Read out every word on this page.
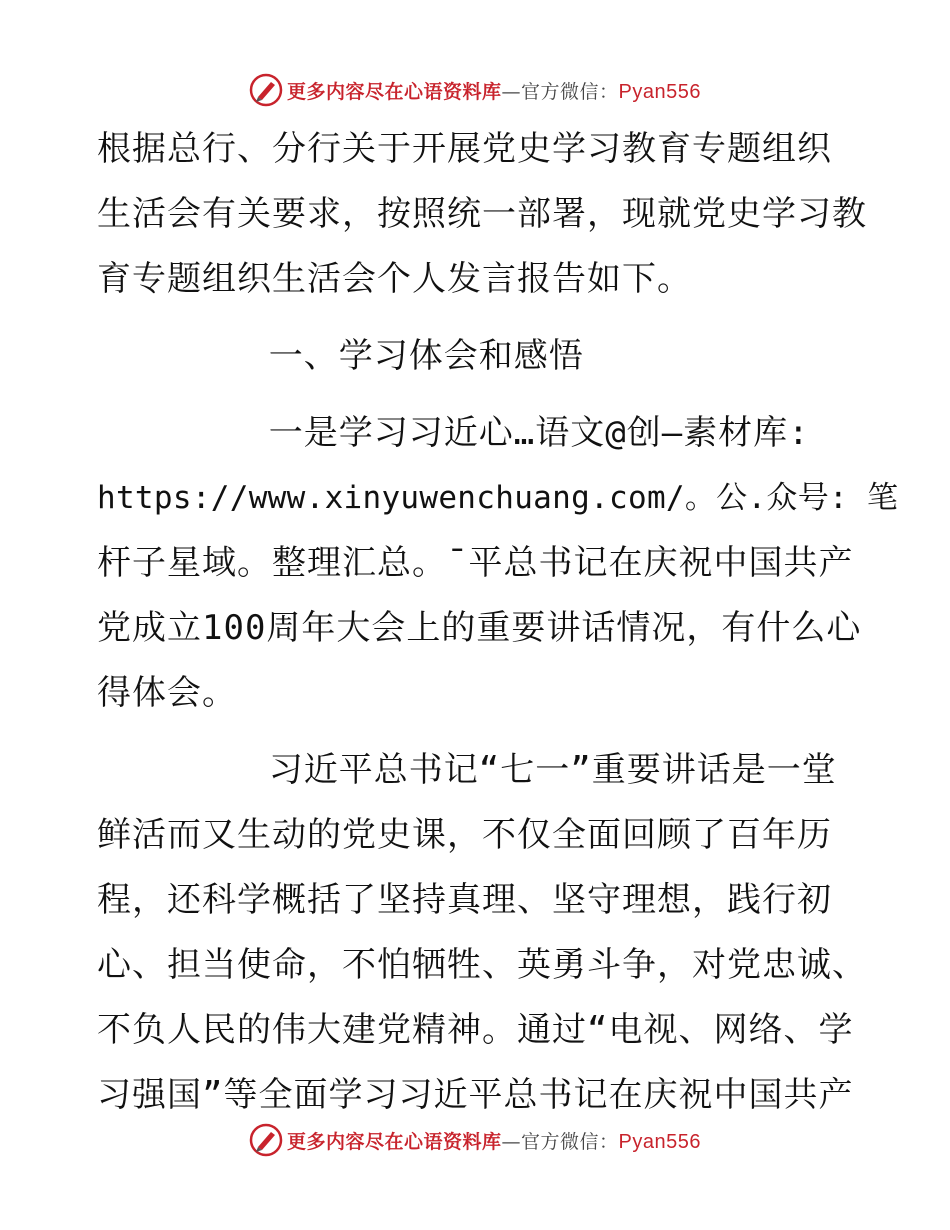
更多内容尽在心语资料库—官方微信：Pyan556
根据总行、分行关于开展党史学习教育专题组织
生活会有关要求，按照统一部署，现就党史学习教
育专题组织生活会个人发言报告如下。
一、学习体会和感悟
一是学习习近心…语文@创—素材库:
https://www.xinyuwenchuang.com/。公.众号: 笔
杆子星域。整理汇总。¯平总书记在庆祝中国共产
党成立100周年大会上的重要讲话情况，有什么心
得体会。
习近平总书记“七一”重要讲话是一堂
鲜活而又生动的党史课，不仅全面回顾了百年历
程，还科学概括了坚持真理、坚守理想，践行初
心、担当使命，不怕牺牲、英勇斗争，对党忠诚、
不负人民的伟大建党精神。通过“电视、网络、学
习强国”等全面学习习近平总书记在庆祝中国共产
更多内容尽在心语资料库—官方微信：Pyan556
